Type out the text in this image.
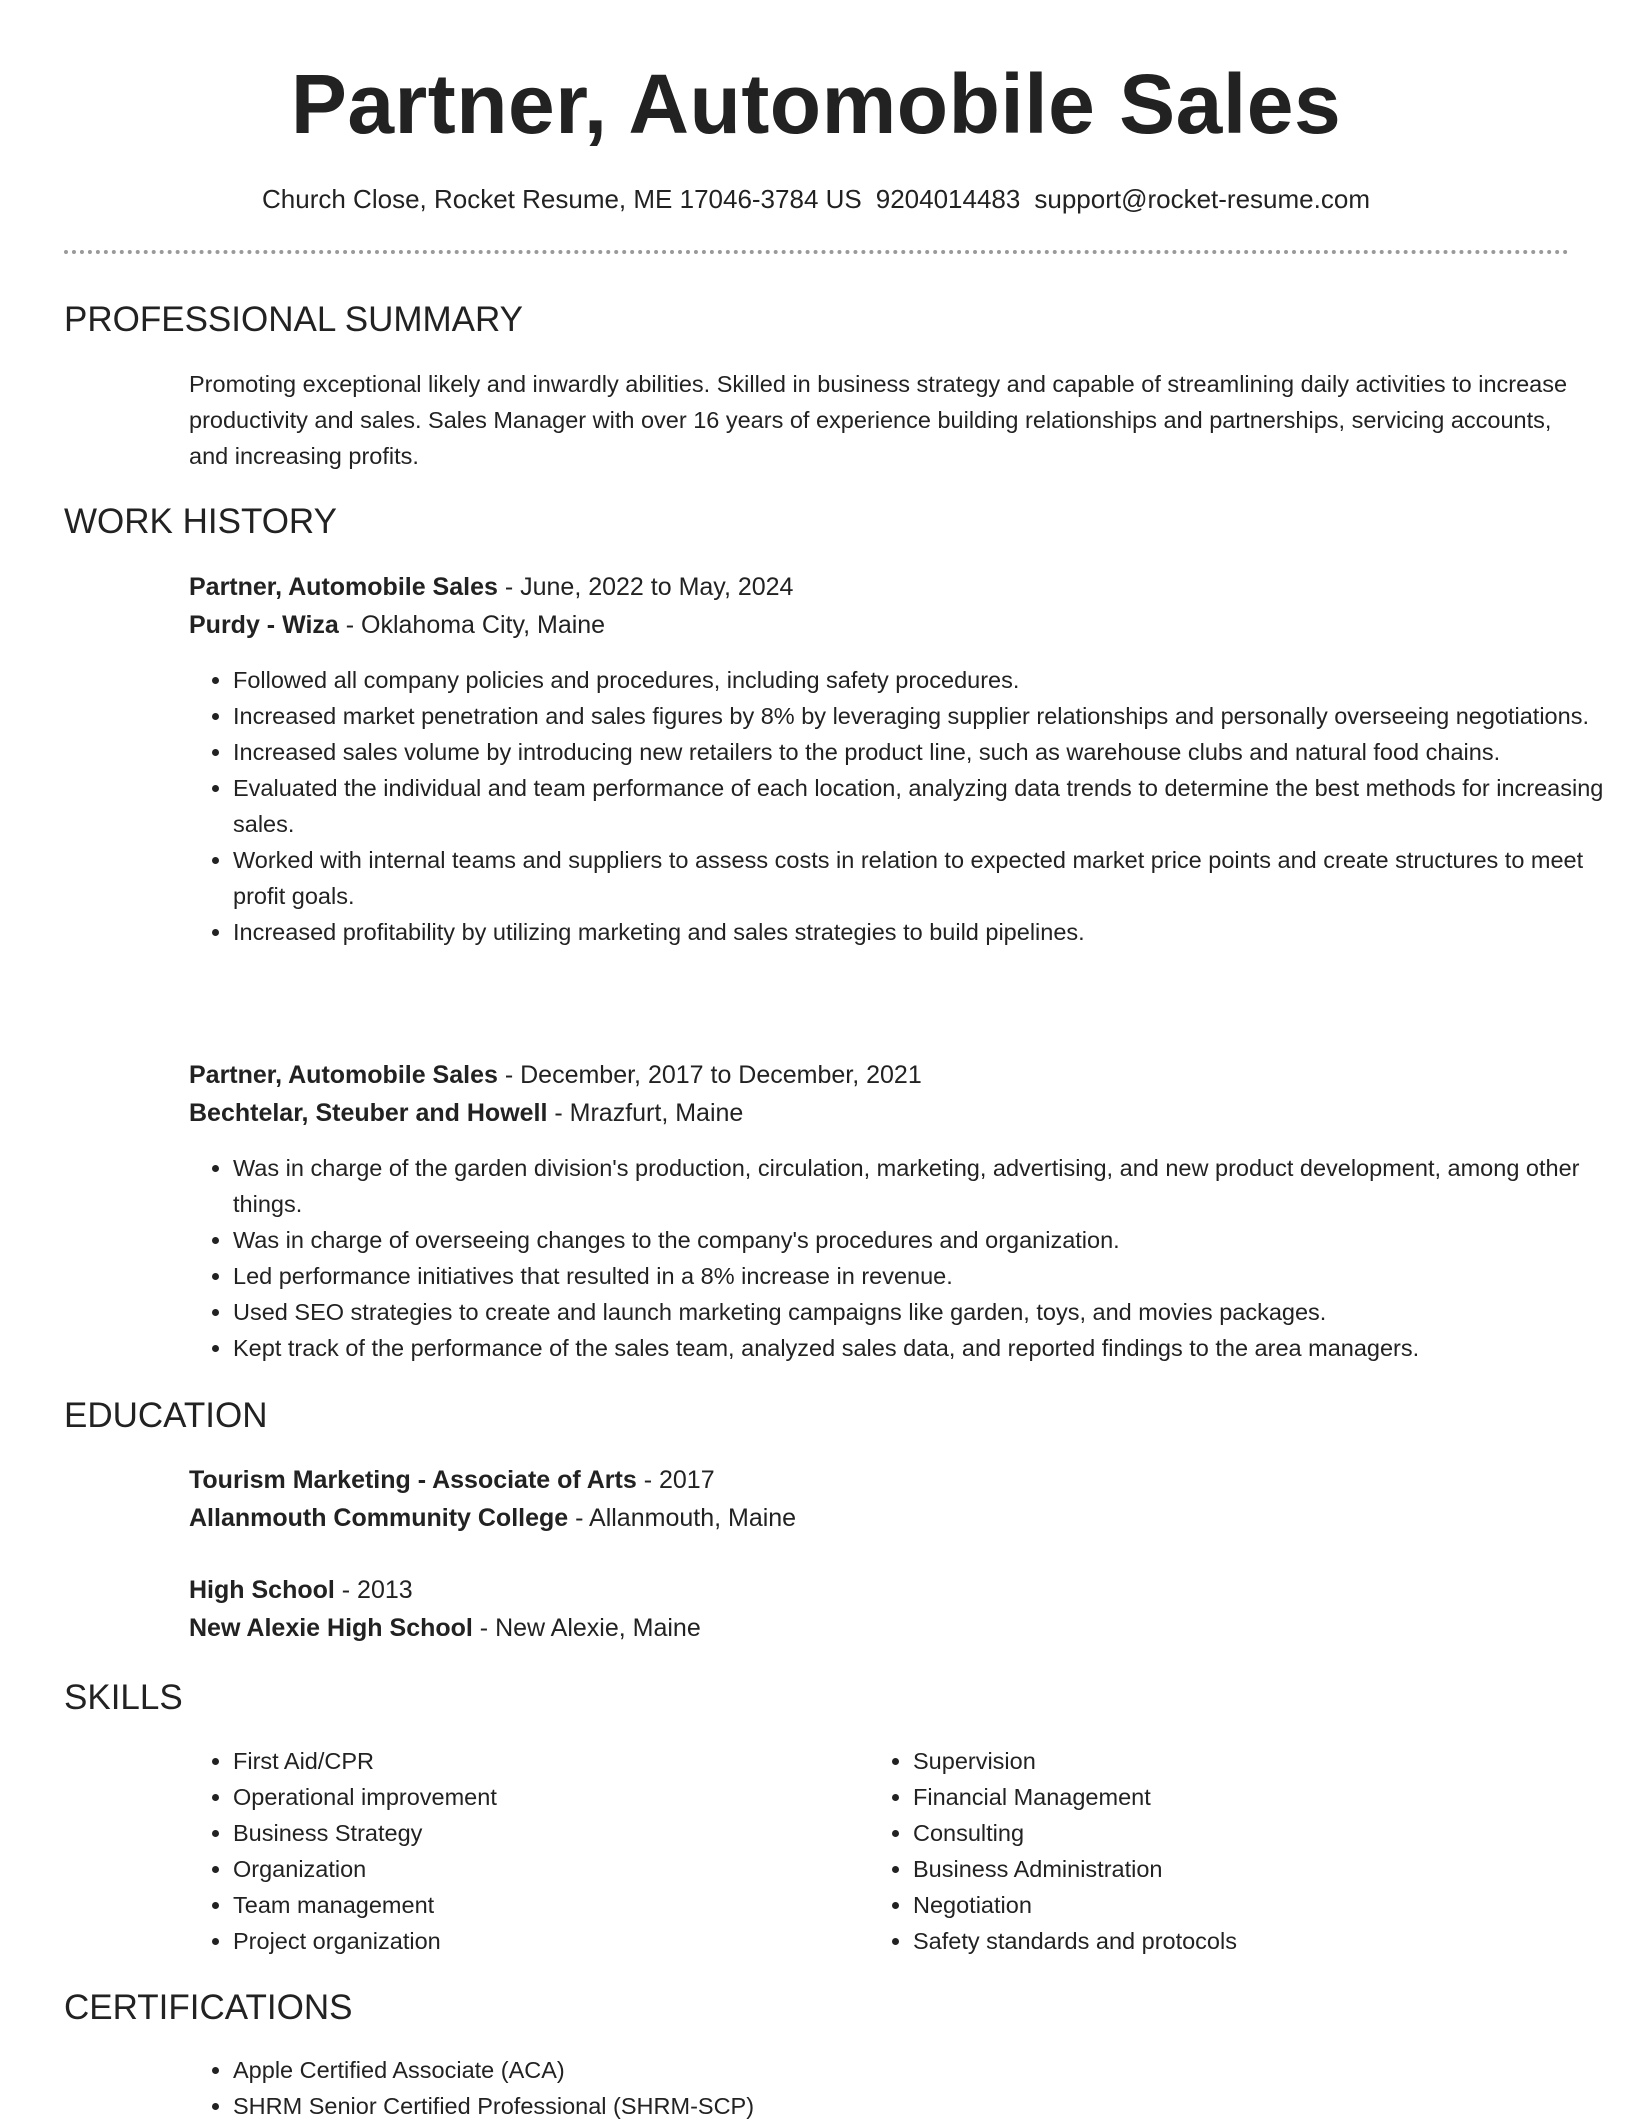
Partner, Automobile Sales
Church Close, Rocket Resume, ME 17046-3784 US 9204014483 support@rocket-resume.com
PROFESSIONAL SUMMARY

Promoting exceptional likely and inwardly abilities. Skilled in business strategy and capable of streamlining daily activities to increase productivity and sales. Sales Manager with over 16 years of experience building relationships and partnerships, servicing accounts, and increasing profits.

WORK HISTORY
Partner, Automobile Sales - June, 2022 to May, 2024
Purdy - Wiza - Oklahoma City, Maine
• Followed all company policies and procedures, including safety procedures.
• Increased market penetration and sales figures by 8% by leveraging supplier relationships and personally overseeing negotiations.
• Increased sales volume by introducing new retailers to the product line, such as warehouse clubs and natural food chains.
• Evaluated the individual and team performance of each location, analyzing data trends to determine the best methods for increasing sales.
• Worked with internal teams and suppliers to assess costs in relation to expected market price points and create structures to meet profit goals.
• Increased profitability by utilizing marketing and sales strategies to build pipelines.
Partner, Automobile Sales - December, 2017 to December, 2021
Bechtelar, Steuber and Howell - Mrazfurt, Maine
• Was in charge of the garden division's production, circulation, marketing, advertising, and new product development, among other things.
• Was in charge of overseeing changes to the company's procedures and organization.
• Led performance initiatives that resulted in a 8% increase in revenue.
• Used SEO strategies to create and launch marketing campaigns like garden, toys, and movies packages.
• Kept track of the performance of the sales team, analyzed sales data, and reported findings to the area managers.
EDUCATION
Tourism Marketing - Associate of Arts - 2017
Allanmouth Community College - Allanmouth, Maine
High School - 2013
New Alexie High School - New Alexie, Maine
SKILLS
• First Aid/CPR
• Operational improvement
• Business Strategy
• Organization
• Team management
• Project organization
• Supervision
• Financial Management
• Consulting
• Business Administration
• Negotiation
• Safety standards and protocols
CERTIFICATIONS
• Apple Certified Associate (ACA)
• SHRM Senior Certified Professional (SHRM-SCP)
